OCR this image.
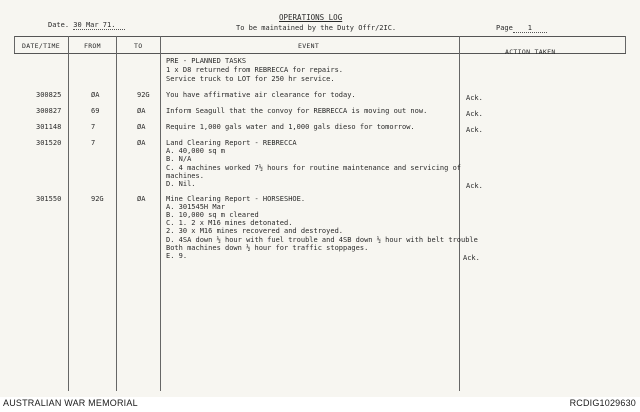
Date. 30 Mar 71.
OPERATIONS LOG
To be maintained by the Duty Offr/2IC.	Page 1
DATE/TIME	FROM	TO	EVENT
ACTION TAKEN
PRE - PLANNED TASKS
1 x D8 returned from REBRECCA for repairs.
Service truck to LOT for 250 hr service.
300825	ØA	92G You have affirmative air clearance for today.	Ack.
300827	69	ØA	Inform Seagull that the convoy for REBRECCA is moving out now.	Ack.
301148	7	ØA	Require 1,000 gals water and 1,000 gals dieso for tomorrow.	Ack.
301520	7	ØA	Land Clearing Report - REBRECCA
A. 40,000 sq m
B. N/A
C. 4 machines worked 7½ hours for routine maintenance and servicing of
machines.
D. Nil.	Ack.
301550	92G	ØA	Mine Clearing Report - HORSESHOE.
A. 301545H Mar
B. 10,000 sq m cleared
C. 1. 2 x M16 mines detonated.
2. 30 x M16 mines recovered and destroyed.
D. 4SA down ½ hour with fuel trouble and 4SB down ½ hour with belt trouble
Both machines down ½ hour for traffic stoppages.
E. 9.	Ack.
AUSTRALIAN WAR MEMORIAL	RCDIG1029630
